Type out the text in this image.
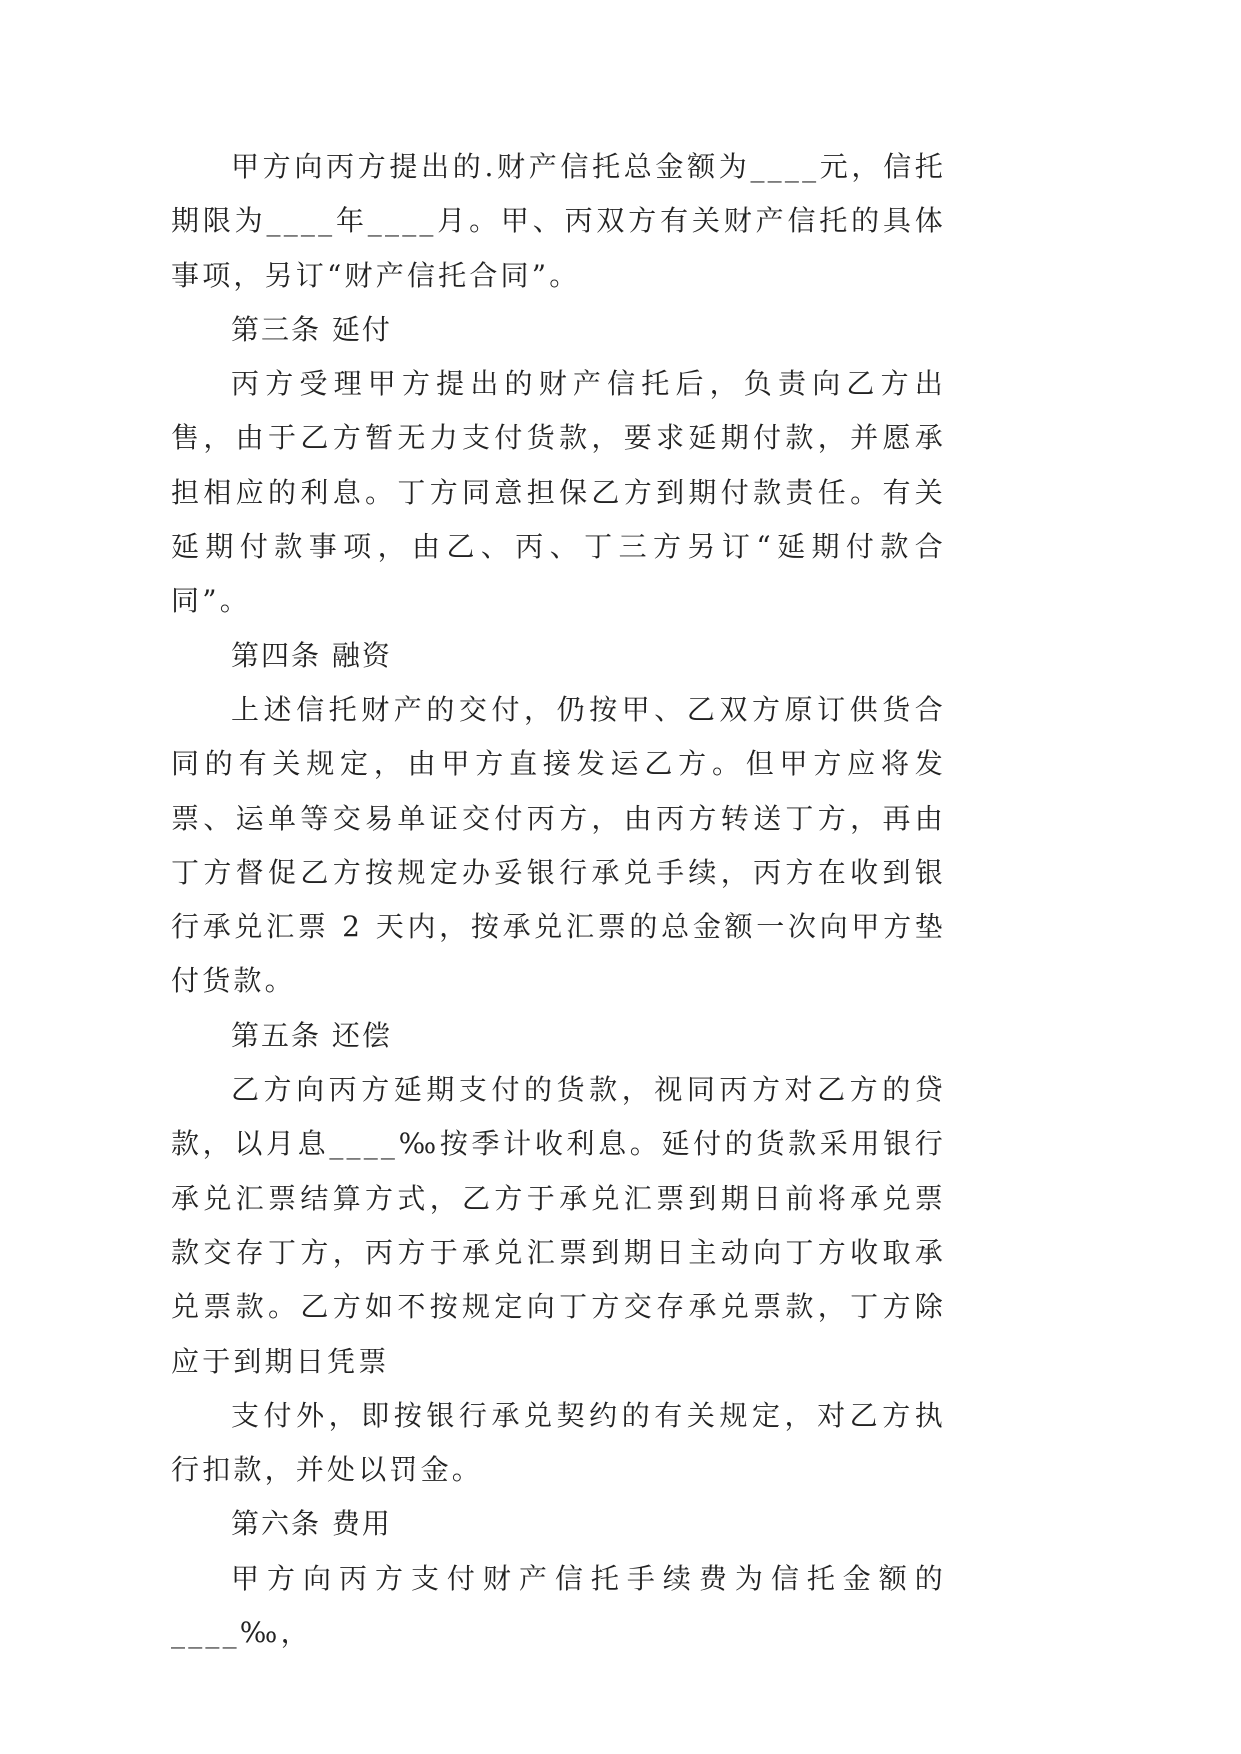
甲方向丙方提出的.财产信托总金额为____元，信托期限为____年____月。甲、丙双方有关财产信托的具体事项，另订“财产信托合同”。

第三条 延付

丙方受理甲方提出的财产信托后，负责向乙方出售，由于乙方暂无力支付货款，要求延期付款，并愿承担相应的利息。丁方同意担保乙方到期付款责任。有关延期付款事项，由乙、丙、丁三方另订“延期付款合同”。

第四条 融资

上述信托财产的交付，仍按甲、乙双方原订供货合同的有关规定，由甲方直接发运乙方。但甲方应将发票、运单等交易单证交付丙方，由丙方转送丁方，再由丁方督促乙方按规定办妥银行承兑手续，丙方在收到银行承兑汇票 2 天内，按承兑汇票的总金额一次向甲方垫付货款。

第五条 还偿

乙方向丙方延期支付的货款，视同丙方对乙方的贷款，以月息____‰按季计收利息。延付的货款采用银行承兑汇票结算方式，乙方于承兑汇票到期日前将承兑票款交存丁方，丙方于承兑汇票到期日主动向丁方收取承兑票款。乙方如不按规定向丁方交存承兑票款，丁方除应于到期日凭票

支付外，即按银行承兑契约的有关规定，对乙方执行扣款，并处以罚金。

第六条 费用

甲方向丙方支付财产信托手续费为信托金额的____‰，
